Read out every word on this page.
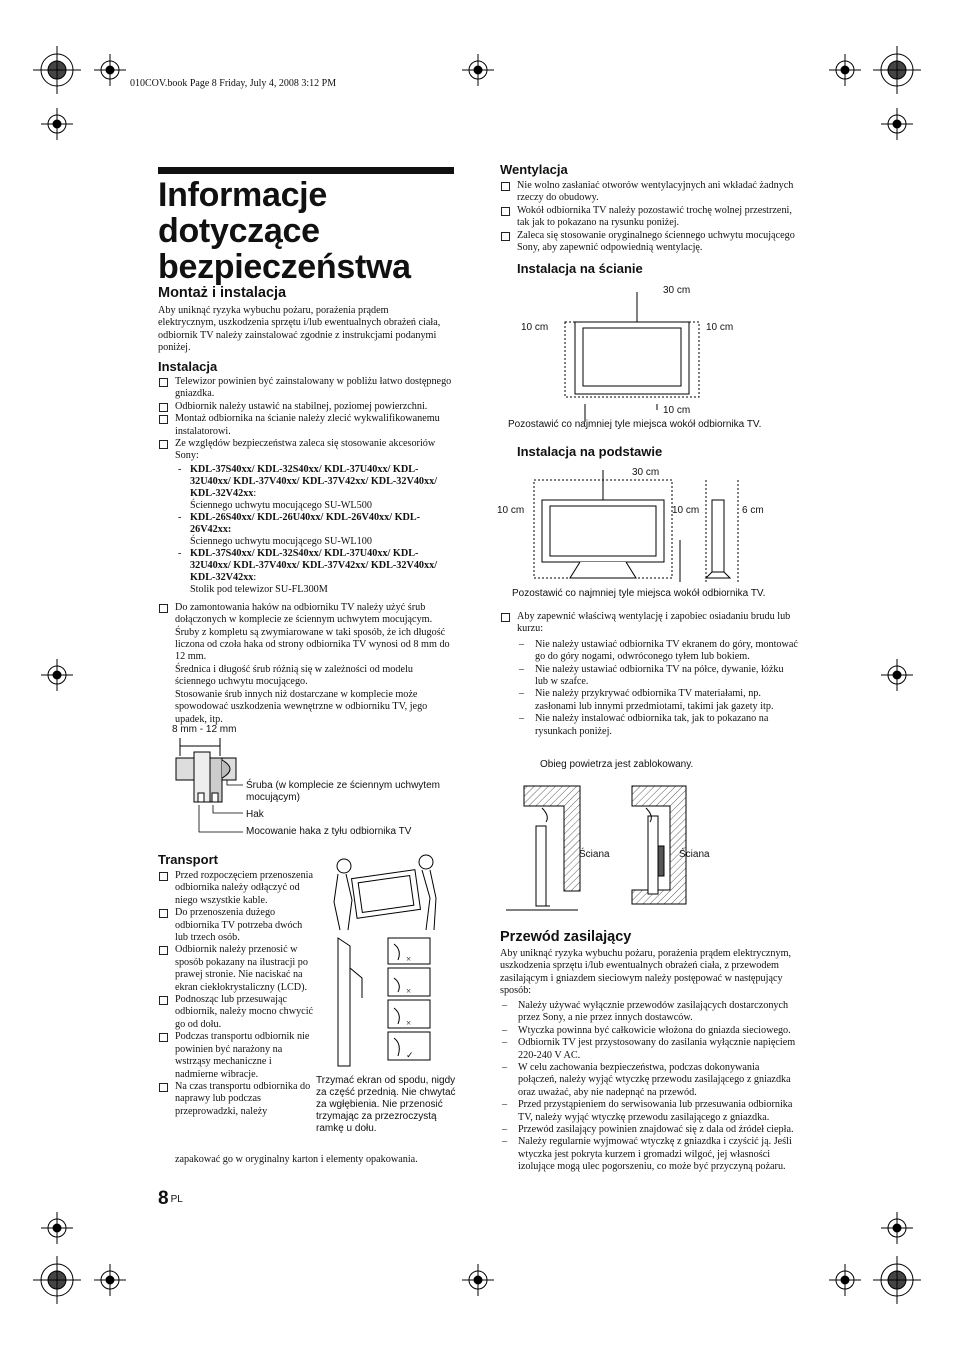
010COV.book Page 8 Friday, July 4, 2008 3:12 PM
Informacje dotyczące bezpieczeństwa
Montaż i instalacja
Aby uniknąć ryzyka wybuchu pożaru, porażenia prądem elektrycznym, uszkodzenia sprzętu i/lub ewentualnych obrażeń ciała, odbiornik TV należy zainstalować zgodnie z instrukcjami podanymi poniżej.
Instalacja
Telewizor powinien być zainstalowany w pobliżu łatwo dostępnego gniazdka.
Odbiornik należy ustawić na stabilnej, poziomej powierzchni.
Montaż odbiornika na ścianie należy zlecić wykwalifikowanemu instalatorowi.
Ze względów bezpieczeństwa zaleca się stosowanie akcesoriów Sony:
- KDL-37S40xx/ KDL-32S40xx/ KDL-37U40xx/ KDL-32U40xx/ KDL-37V40xx/ KDL-37V42xx/ KDL-32V40xx/ KDL-32V42xx:
Ściennego uchwytu mocującego SU-WL500
- KDL-26S40xx/ KDL-26U40xx/ KDL-26V40xx/ KDL-26V42xx:
Ściennego uchwytu mocującego SU-WL100
- KDL-37S40xx/ KDL-32S40xx/ KDL-37U40xx/ KDL-32U40xx/ KDL-37V40xx/ KDL-37V42xx/ KDL-32V40xx/ KDL-32V42xx:
Stolik pod telewizor SU-FL300M
Do zamontowania haków na odbiorniku TV należy użyć śrub dołączonych w komplecie ze ściennym uchwytem mocującym. Śruby z kompletu są zwymiarowane w taki sposób, że ich długość liczona od czoła haka od strony odbiornika TV wynosi od 8 mm do 12 mm.
Średnica i długość śrub różnią się w zależności od modelu ściennego uchwytu mocującego.
Stosowanie śrub innych niż dostarczane w komplecie może spowodować uszkodzenia wewnętrzne w odbiorniku TV, jego upadek, itp.
8 mm - 12 mm
Śruba (w komplecie ze ściennym uchwytem mocującym)
Hak
Mocowanie haka z tyłu odbiornika TV
Transport
Przed rozpoczęciem przenoszenia odbiornika należy odłączyć od niego wszystkie kable.
Do przenoszenia dużego odbiornika TV potrzeba dwóch lub trzech osób.
Odbiornik należy przenosić w sposób pokazany na ilustracji po prawej stronie. Nie naciskać na ekran ciekłokrystaliczny (LCD).
Podnosząc lub przesuwając odbiornik, należy mocno chwycić go od dołu.
Podczas transportu odbiornik nie powinien być narażony na wstrząsy mechaniczne i nadmierne wibracje.
Na czas transportu odbiornika do naprawy lub podczas przeprowadzki, należy
zapakować go w oryginalny karton i elementy opakowania.
×
×
×
✓
Trzymać ekran od spodu, nigdy za część przednią. Nie chwytać za wgłębienia. Nie przenosić trzymając za przezroczystą ramkę u dołu.
Wentylacja
Nie wolno zasłaniać otworów wentylacyjnych ani wkładać żadnych rzeczy do obudowy.
Wokół odbiornika TV należy pozostawić trochę wolnej przestrzeni, tak jak to pokazano na rysunku poniżej.
Zaleca się stosowanie oryginalnego ściennego uchwytu mocującego Sony, aby zapewnić odpowiednią wentylację.
Instalacja na ścianie
30 cm
10 cm	10 cm
10 cm
Pozostawić co najmniej tyle miejsca wokół odbiornika TV.
Instalacja na podstawie
30 cm
10 cm	10 cm	6 cm
Pozostawić co najmniej tyle miejsca wokół odbiornika TV.
Aby zapewnić właściwą wentylację i zapobiec osiadaniu brudu lub kurzu:
– Nie należy ustawiać odbiornika TV ekranem do góry, montować go do góry nogami, odwróconego tyłem lub bokiem.
– Nie należy ustawiać odbiornika TV na półce, dywanie, łóżku lub w szafce.
– Nie należy przykrywać odbiornika TV materiałami, np. zasłonami lub innymi przedmiotami, takimi jak gazety itp.
– Nie należy instalować odbiornika tak, jak to pokazano na rysunkach poniżej.
Obieg powietrza jest zablokowany.
Ściana	Ściana
Przewód zasilający
Aby uniknąć ryzyka wybuchu pożaru, porażenia prądem elektrycznym, uszkodzenia sprzętu i/lub ewentualnych obrażeń ciała, z przewodem zasilającym i gniazdem sieciowym należy postępować w następujący sposób:
– Należy używać wyłącznie przewodów zasilających dostarczonych przez Sony, a nie przez innych dostawców.
– Wtyczka powinna być całkowicie włożona do gniazda sieciowego.
– Odbiornik TV jest przystosowany do zasilania wyłącznie napięciem 220-240 V AC.
– W celu zachowania bezpieczeństwa, podczas dokonywania połączeń, należy wyjąć wtyczkę przewodu zasilającego z gniazdka oraz uważać, aby nie nadepnąć na przewód.
– Przed przystąpieniem do serwisowania lub przesuwania odbiornika TV, należy wyjąć wtyczkę przewodu zasilającego z gniazdka.
– Przewód zasilający powinien znajdować się z dala od źródeł ciepła.
– Należy regularnie wyjmować wtyczkę z gniazdka i czyścić ją. Jeśli wtyczka jest pokryta kurzem i gromadzi wilgoć, jej własności izolujące mogą ulec pogorszeniu, co może być przyczyną pożaru.
8 $^{PL}$
